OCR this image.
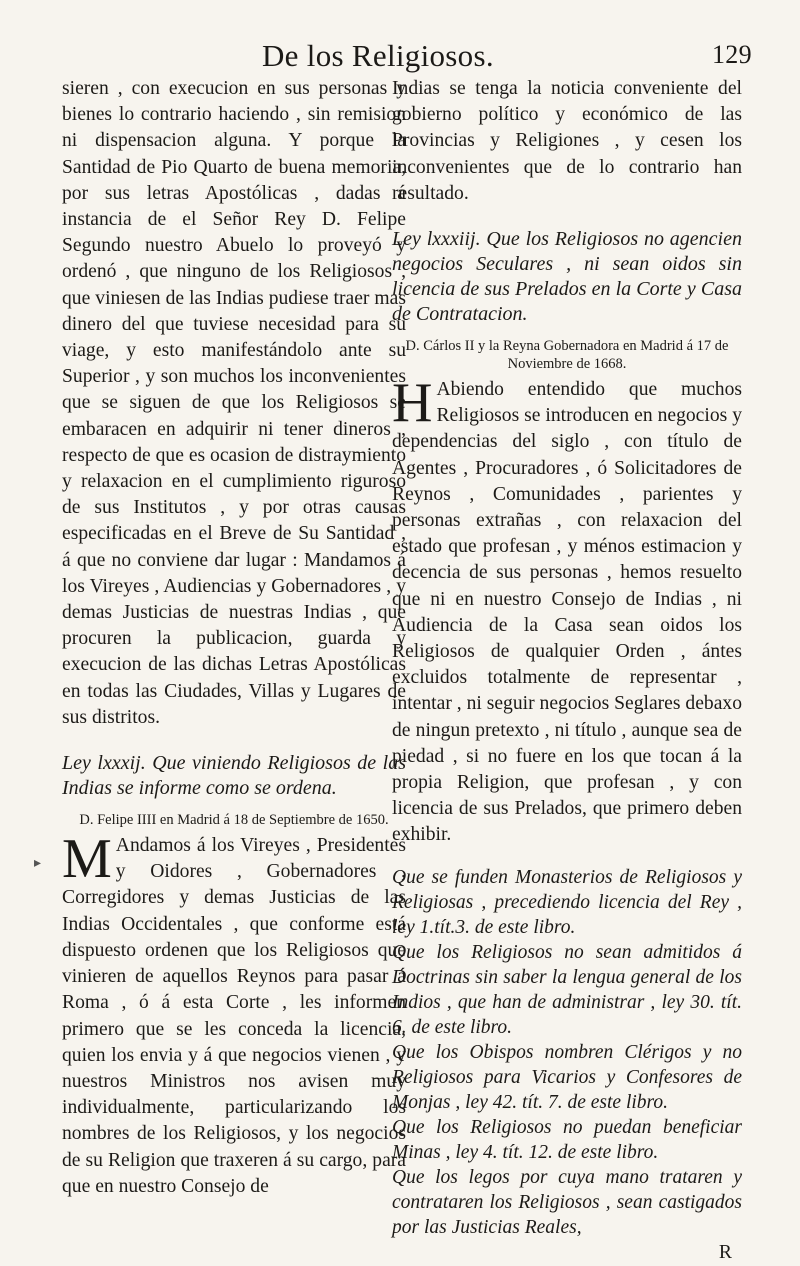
De los Religiosos.	129
▸

sieren , con execucion en sus personas y bienes lo contrario haciendo , sin remision ni dispensacion alguna. Y porque la Santidad de Pio Quarto de buena memoria, por sus letras Apostólicas , dadas á instancia de el Señor Rey D. Felipe Segundo nuestro Abuelo lo proveyó y ordenó , que ninguno de los Religiosos , que viniesen de las Indias pudiese traer mas dinero del que tuviese necesidad para su viage, y esto manifestándolo ante su Superior , y son muchos los inconvenientes que se siguen de que los Religiosos se embaracen en adquirir ni tener dineros , respecto de que es ocasion de distraymiento y relaxacion en el cumplimiento riguroso de sus Institutos , y por otras causas especificadas en el Breve de Su Santidad , á que no conviene dar lugar : Mandamos á los Vireyes , Audiencias y Gobernadores , y demas Justicias de nuestras Indias , que procuren la publicacion, guarda y execucion de las dichas Letras Apostólicas en todas las Ciudades, Villas y Lugares de sus distritos.

Ley lxxxij. Que viniendo Religiosos de las Indias se informe como se ordena.

D. Felipe IIII en Madrid á 18 de Septiembre de 1650.

M Andamos á los Vireyes , Presidentes y Oidores , Gobernadores , Corregidores y demas Justicias de las Indias Occidentales , que conforme está dispuesto ordenen que los Religiosos que vinieren de aquellos Reynos para pasar á Roma , ó á esta Corte , les informen primero que se les conceda la licencia, quien los envia y á que negocios vienen , y nuestros Ministros nos avisen muy individualmente, particularizando los nombres de los Religiosos, y los negocios de su Religion que traxeren á su cargo, para que en nuestro Consejo de

Indias se tenga la noticia conveniente del gobierno político y económico de las Provincias y Religiones , y cesen los inconvenientes que de lo contrario han resultado.

Ley lxxxiij. Que los Religiosos no agencien negocios Seculares , ni sean oidos sin licencia de sus Prelados en la Corte y Casa de Contratacion.

D. Cárlos II y la Reyna Gobernadora en Madrid á 17 de Noviembre de 1668.

H Abiendo entendido que muchos Religiosos se introducen en negocios y dependencias del siglo , con título de Agentes , Procuradores , ó Solicitadores de Reynos , Comunidades , parientes y personas extrañas , con relaxacion del estado que profesan , y ménos estimacion y decencia de sus personas , hemos resuelto que ni en nuestro Consejo de Indias , ni Audiencia de la Casa sean oidos los Religiosos de qualquier Orden , ántes excluidos totalmente de representar , intentar , ni seguir negocios Seglares debaxo de ningun pretexto , ni título , aunque sea de piedad , si no fuere en los que tocan á la propia Religion, que profesan , y con licencia de sus Prelados, que primero deben exhibir.

Que se funden Monasterios de Religiosos y Religiosas , precediendo licencia del Rey , ley 1.tít.3. de este libro.

Que los Religiosos no sean admitidos á Doctrinas sin saber la lengua general de los Indios , que han de administrar , ley 30. tít. 6. de este libro.

Que los Obispos nombren Clérigos y no Religiosos para Vicarios y Confesores de Monjas , ley 42. tít. 7. de este libro.

Que los Religiosos no puedan beneficiar Minas , ley 4. tít. 12. de este libro.

Que los legos por cuya mano trataren y contrataren los Religiosos , sean castigados por las Justicias Reales,

R
